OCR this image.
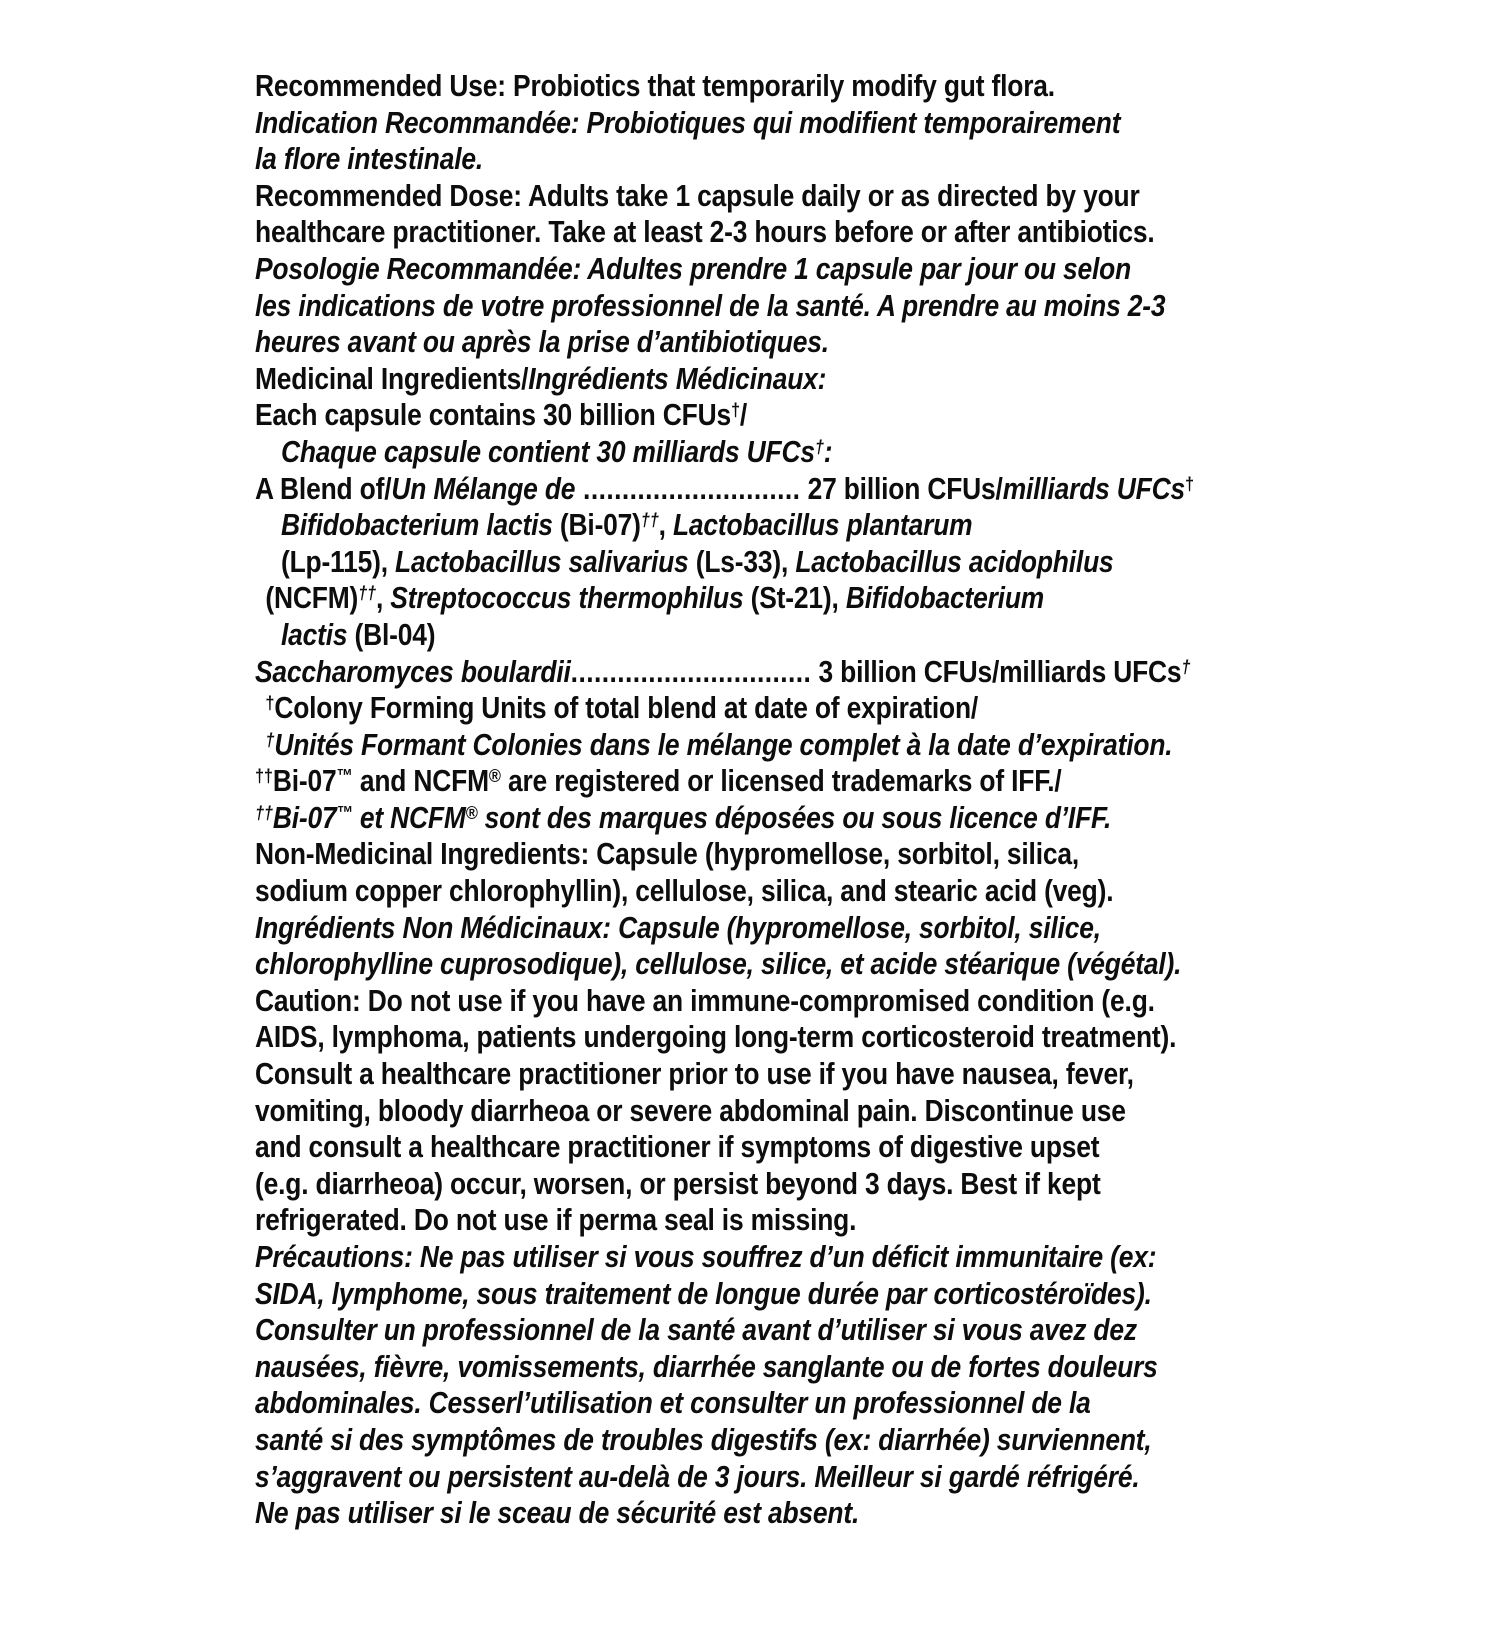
Recommended Use: Probiotics that temporarily modify gut flora.
Indication Recommandée: Probiotiques qui modifient temporairement
la flore intestinale.
Recommended Dose: Adults take 1 capsule daily or as directed by your
healthcare practitioner. Take at least 2-3 hours before or after antibiotics.
Posologie Recommandée: Adultes prendre 1 capsule par jour ou selon
les indications de votre professionnel de la santé. A prendre au moins 2-3
heures avant ou après la prise d’antibiotiques.
Medicinal Ingredients/Ingrédients Médicinaux:
Each capsule contains 30 billion CFUs†/
Chaque capsule contient 30 milliards UFCs†:
A Blend of/Un Mélange de ............................ 27 billion CFUs/milliards UFCs†
Bifidobacterium lactis (Bi-07)††, Lactobacillus plantarum
(Lp-115), Lactobacillus salivarius (Ls-33), Lactobacillus acidophilus
(NCFM)††, Streptococcus thermophilus (St-21), Bifidobacterium
lactis (Bl-04)
Saccharomyces boulardii............................... 3 billion CFUs/milliards UFCs†
†Colony Forming Units of total blend at date of expiration/
†Unités Formant Colonies dans le mélange complet à la date d’expiration.
††Bi-07™ and NCFM® are registered or licensed trademarks of IFF./
††Bi-07™ et NCFM® sont des marques déposées ou sous licence d’IFF.
Non-Medicinal Ingredients: Capsule (hypromellose, sorbitol, silica,
sodium copper chlorophyllin), cellulose, silica, and stearic acid (veg).
Ingrédients Non Médicinaux: Capsule (hypromellose, sorbitol, silice,
chlorophylline cuprosodique), cellulose, silice, et acide stéarique (végétal).
Caution: Do not use if you have an immune-compromised condition (e.g.
AIDS, lymphoma, patients undergoing long-term corticosteroid treatment).
Consult a healthcare practitioner prior to use if you have nausea, fever,
vomiting, bloody diarrheoa or severe abdominal pain. Discontinue use
and consult a healthcare practitioner if symptoms of digestive upset
(e.g. diarrheoa) occur, worsen, or persist beyond 3 days. Best if kept
refrigerated. Do not use if perma seal is missing.
Précautions: Ne pas utiliser si vous souffrez d’un déficit immunitaire (ex:
SIDA, lymphome, sous traitement de longue durée par corticostéroïdes).
Consulter un professionnel de la santé avant d’utiliser si vous avez dez
nausées, fièvre, vomissements, diarrhée sanglante ou de fortes douleurs
abdominales. Cesserl’utilisation et consulter un professionnel de la
santé si des symptômes de troubles digestifs (ex: diarrhée) surviennent,
s’aggravent ou persistent au-delà de 3 jours. Meilleur si gardé réfrigéré.
Ne pas utiliser si le sceau de sécurité est absent.
